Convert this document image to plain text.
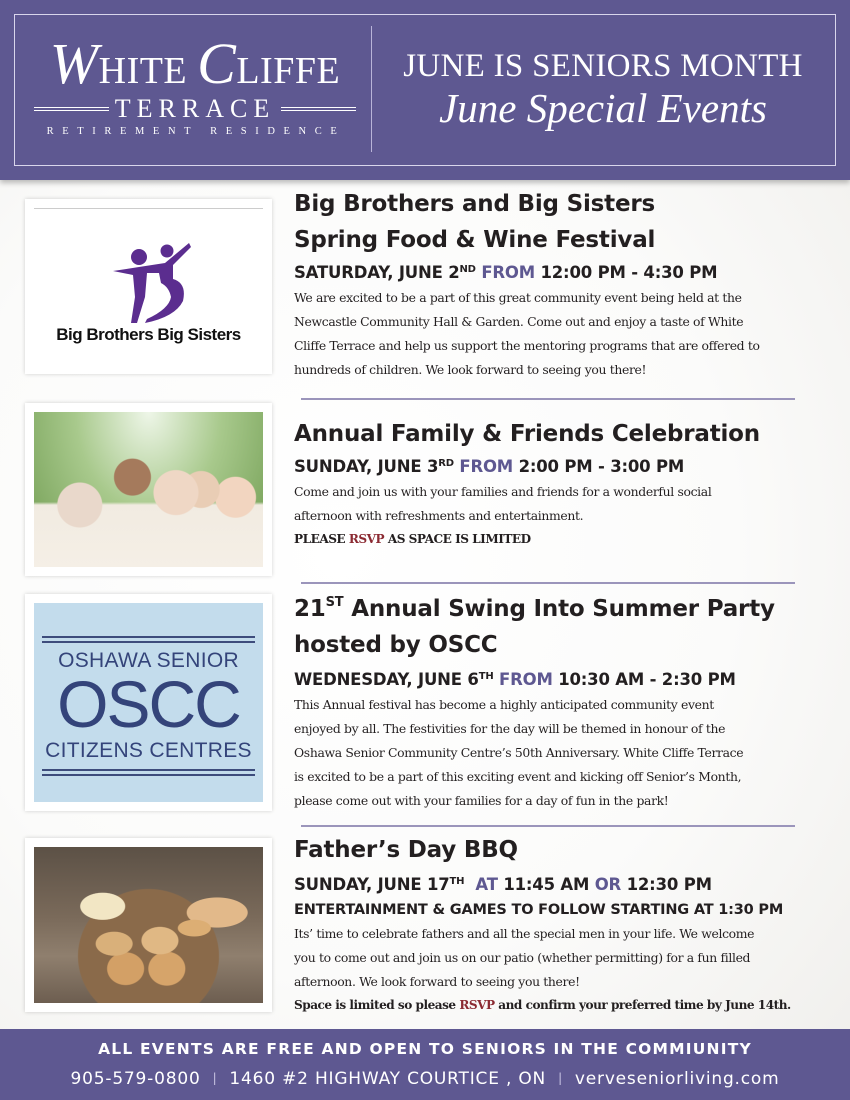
WHITE CLIFFE
TERRACE
RETIREMENT RESIDENCE
JUNE IS SENIORS MONTH
June Special Events
Big Brothers Big Sisters
Big Brothers and Big Sisters
Spring Food & Wine Festival
SATURDAY, JUNE 2ND FROM 12:00 PM - 4:30 PM
We are excited to be a part of this great community event being held at the
Newcastle Community Hall & Garden. Come out and enjoy a taste of White
Cliffe Terrace and help us support the mentoring programs that are offered to
hundreds of children. We look forward to seeing you there!
Annual Family & Friends Celebration
SUNDAY, JUNE 3RD FROM 2:00 PM - 3:00 PM
Come and join us with your families and friends for a wonderful social
afternoon with refreshments and entertainment.
PLEASE RSVP AS SPACE IS LIMITED
OSHAWA SENIOR
OSCC
CITIZENS CENTRES
21ST Annual Swing Into Summer Party
hosted by OSCC
WEDNESDAY, JUNE 6TH FROM 10:30 AM - 2:30 PM
This Annual festival has become a highly anticipated community event
enjoyed by all. The festivities for the day will be themed in honour of the
Oshawa Senior Community Centre’s 50th Anniversary. White Cliffe Terrace
is excited to be a part of this exciting event and kicking off Senior’s Month,
please come out with your families for a day of fun in the park!
Father’s Day BBQ
SUNDAY, JUNE 17TH AT 11:45 AM OR 12:30 PM
ENTERTAINMENT & GAMES TO FOLLOW STARTING AT 1:30 PM
Its’ time to celebrate fathers and all the special men in your life. We welcome
you to come out and join us on our patio (whether permitting) for a fun filled
afternoon. We look forward to seeing you there!
Space is limited so please RSVP and confirm your preferred time by June 14th.
ALL EVENTS ARE FREE AND OPEN TO SENIORS IN THE COMMIUNITY
905-579-0800 | 1460 #2 HIGHWAY COURTICE , ON | verveseniorliving.com
